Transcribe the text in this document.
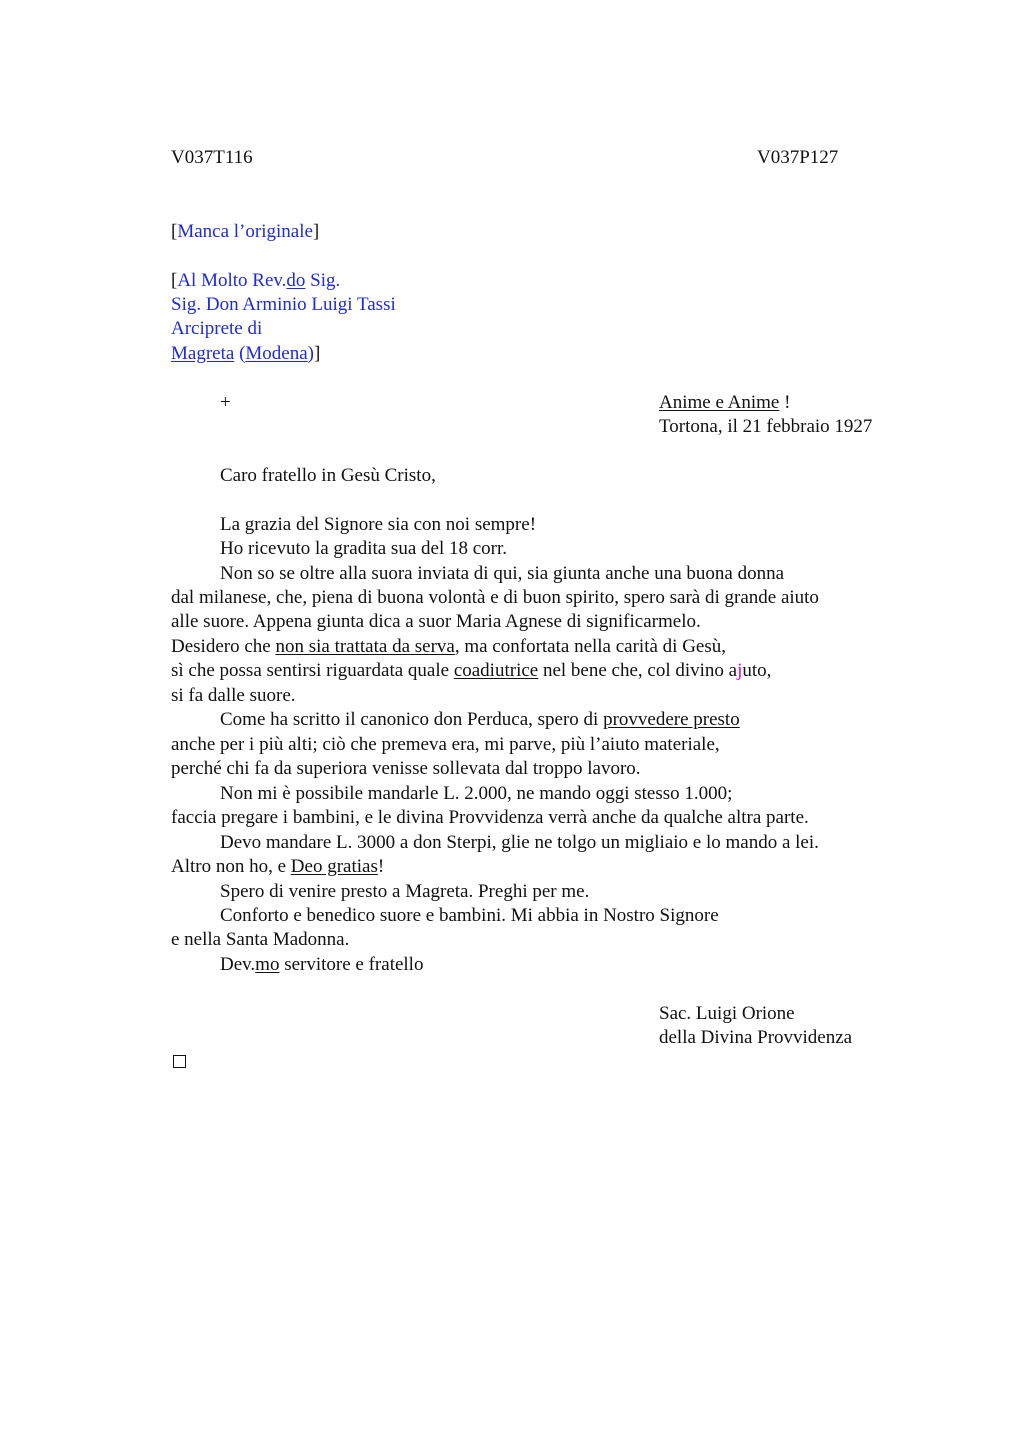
V037T116	V037P127
[Manca l’originale]
[Al Molto Rev.do Sig.
Sig. Don Arminio Luigi Tassi
Arciprete di
Magreta (Modena)]
+	Anime e Anime !
Tortona, il 21 febbraio 1927
Caro fratello in Gesù Cristo,
La grazia del Signore sia con noi sempre!
Ho ricevuto la gradita sua del 18 corr.
Non so se oltre alla suora inviata di qui, sia giunta anche una buona donna
dal milanese, che, piena di buona volontà e di buon spirito, spero sarà di grande aiuto
alle suore. Appena giunta dica a suor Maria Agnese di significarmelo.
Desidero che non sia trattata da serva, ma confortata nella carità di Gesù,
sì che possa sentirsi riguardata quale coadiutrice nel bene che, col divino ajuto,
si fa dalle suore.
Come ha scritto il canonico don Perduca, spero di provvedere presto
anche per i più alti; ciò che premeva era, mi parve, più l’aiuto materiale,
perché chi fa da superiora venisse sollevata dal troppo lavoro.
Non mi è possibile mandarle L. 2.000, ne mando oggi stesso 1.000;
faccia pregare i bambini, e le divina Provvidenza verrà anche da qualche altra parte.
Devo mandare L. 3000 a don Sterpi, glie ne tolgo un migliaio e lo mando a lei.
Altro non ho, e Deo gratias!
Spero di venire presto a Magreta. Preghi per me.
Conforto e benedico suore e bambini. Mi abbia in Nostro Signore
e nella Santa Madonna.
Dev.mo servitore e fratello
Sac. Luigi Orione
della Divina Provvidenza
